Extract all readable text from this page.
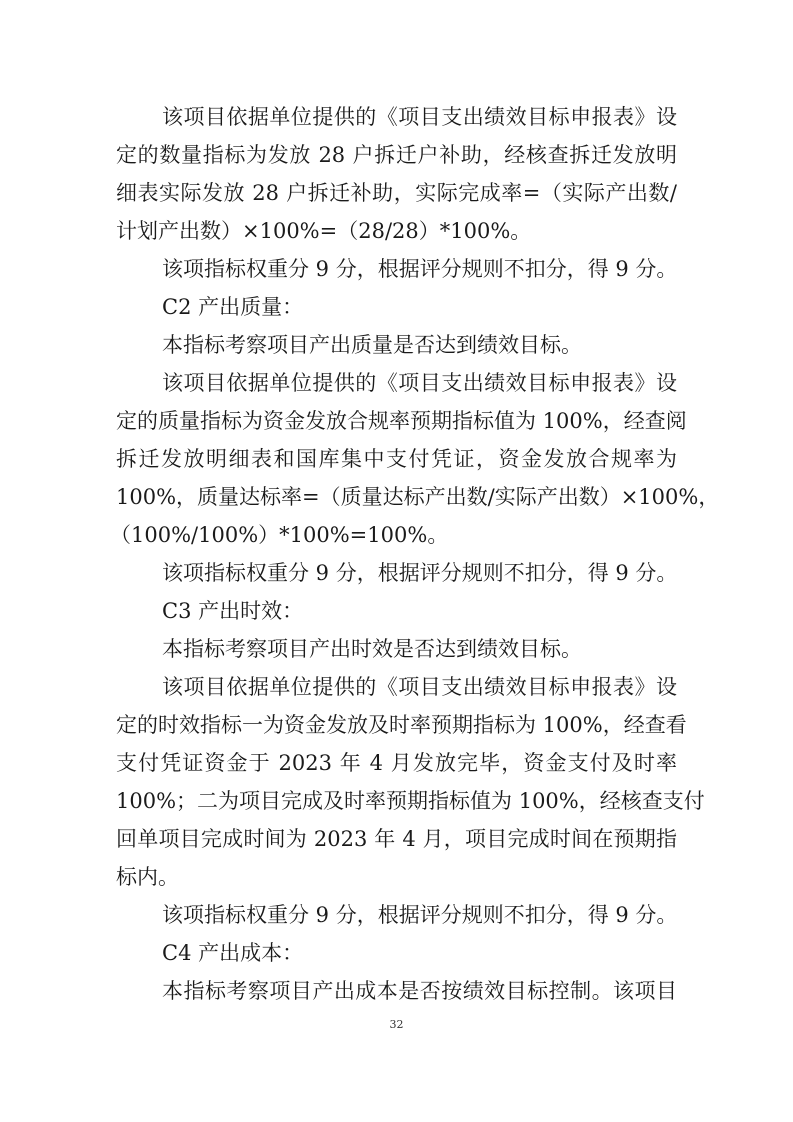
该项目依据单位提供的《项目支出绩效目标申报表》设
定的数量指标为发放 28 户拆迁户补助，经核查拆迁发放明
细表实际发放 28 户拆迁补助，实际完成率=（实际产出数/
计划产出数）×100%=（28/28）*100%。
该项指标权重分 9 分，根据评分规则不扣分，得 9 分。
C2 产出质量：
本指标考察项目产出质量是否达到绩效目标。
该项目依据单位提供的《项目支出绩效目标申报表》设
定的质量指标为资金发放合规率预期指标值为 100%，经查阅
拆迁发放明细表和国库集中支付凭证，资金发放合规率为
100%，质量达标率=（质量达标产出数/实际产出数）×100%，
（100%/100%）*100%=100%。
该项指标权重分 9 分，根据评分规则不扣分，得 9 分。
C3 产出时效：
本指标考察项目产出时效是否达到绩效目标。
该项目依据单位提供的《项目支出绩效目标申报表》设
定的时效指标一为资金发放及时率预期指标为 100%，经查看
支付凭证资金于 2023 年 4 月发放完毕，资金支付及时率
100%；二为项目完成及时率预期指标值为 100%，经核查支付
回单项目完成时间为 2023 年 4 月，项目完成时间在预期指
标内。
该项指标权重分 9 分，根据评分规则不扣分，得 9 分。
C4 产出成本：
本指标考察项目产出成本是否按绩效目标控制。该项目
32
